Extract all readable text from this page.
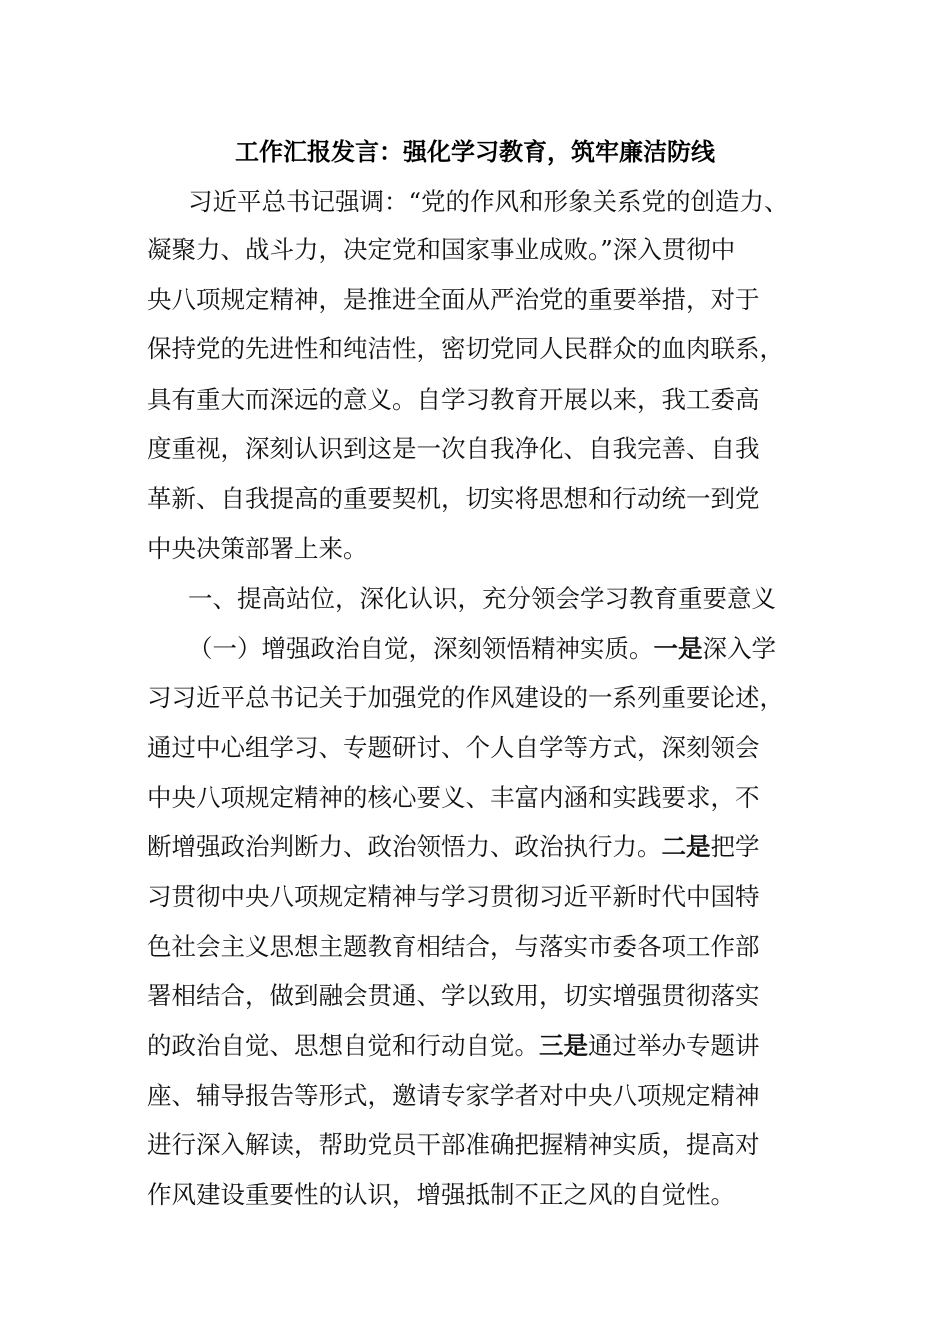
工作汇报发言：强化学习教育，筑牢廉洁防线

习近平总书记强调：“党的作风和形象关系党的创造力、

凝聚力、战斗力，决定党和国家事业成败。”深入贯彻中

央八项规定精神，是推进全面从严治党的重要举措，对于

保持党的先进性和纯洁性，密切党同人民群众的血肉联系，

具有重大而深远的意义。自学习教育开展以来，我工委高

度重视，深刻认识到这是一次自我净化、自我完善、自我

革新、自我提高的重要契机，切实将思想和行动统一到党

中央决策部署上来。

一、提高站位，深化认识，充分领会学习教育重要意义

（一）增强政治自觉，深刻领悟精神实质。一是深入学

习习近平总书记关于加强党的作风建设的一系列重要论述，

通过中心组学习、专题研讨、个人自学等方式，深刻领会

中央八项规定精神的核心要义、丰富内涵和实践要求，不

断增强政治判断力、政治领悟力、政治执行力。二是把学

习贯彻中央八项规定精神与学习贯彻习近平新时代中国特

色社会主义思想主题教育相结合，与落实市委各项工作部

署相结合，做到融会贯通、学以致用，切实增强贯彻落实

的政治自觉、思想自觉和行动自觉。三是通过举办专题讲

座、辅导报告等形式，邀请专家学者对中央八项规定精神

进行深入解读，帮助党员干部准确把握精神实质，提高对

作风建设重要性的认识，增强抵制不正之风的自觉性。
